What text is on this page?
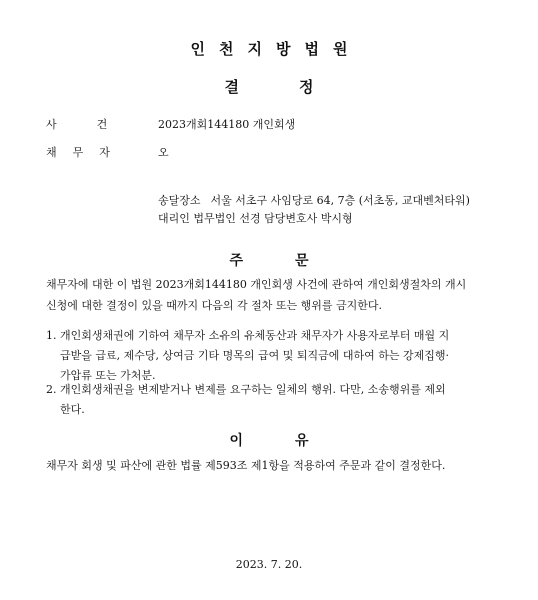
인천지방법원
결	정
사	건	2023개회144180 개인회생
채 무 자	오
송달장소 서울 서초구 사임당로 64, 7층 (서초동, 교대벤처타워)
대리인 법무법인 선경 담당변호사 박시형
주	문
채무자에 대한 이 법원 2023개회144180 개인회생 사건에 관하여 개인회생절차의 개시
신청에 대한 결정이 있을 때까지 다음의 각 절차 또는 행위를 금지한다.
1. 개인회생채권에 기하여 채무자 소유의 유체동산과 채무자가 사용자로부터 매월 지
급받을 급료, 제수당, 상여금 기타 명목의 급여 및 퇴직금에 대하여 하는 강제집행·
가압류 또는 가처분.
2. 개인회생채권을 변제받거나 변제를 요구하는 일체의 행위. 다만, 소송행위를 제외
한다.
이	유
채무자 회생 및 파산에 관한 법률 제593조 제1항을 적용하여 주문과 같이 결정한다.
2023. 7. 20.
